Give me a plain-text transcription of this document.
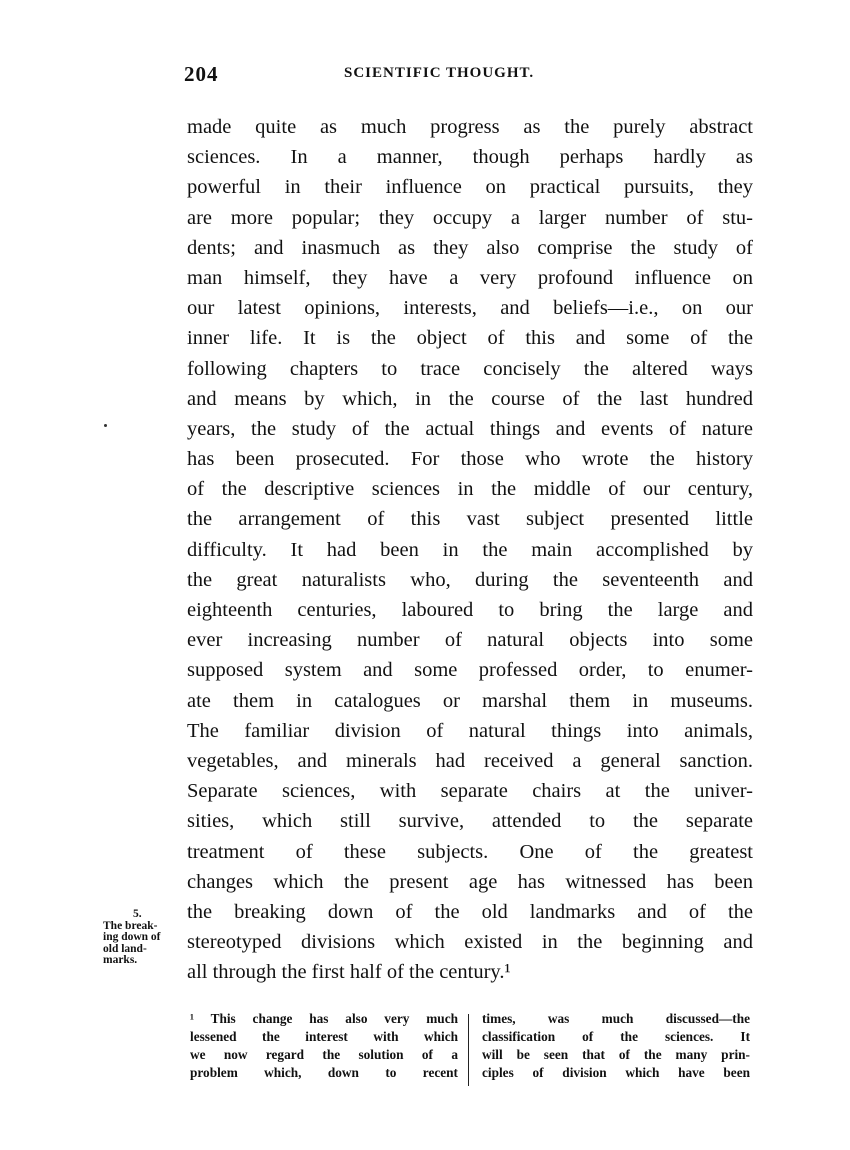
204	SCIENTIFIC THOUGHT.
made quite as much progress as the purely abstract
sciences. In a manner, though perhaps hardly as
powerful in their influence on practical pursuits, they
are more popular; they occupy a larger number of stu-
dents; and inasmuch as they also comprise the study of
man himself, they have a very profound influence on
our latest opinions, interests, and beliefs—i.e., on our
inner life. It is the object of this and some of the
following chapters to trace concisely the altered ways
and means by which, in the course of the last hundred
years, the study of the actual things and events of nature
has been prosecuted. For those who wrote the history
of the descriptive sciences in the middle of our century,
the arrangement of this vast subject presented little
difficulty. It had been in the main accomplished by
the great naturalists who, during the seventeenth and
eighteenth centuries, laboured to bring the large and
ever increasing number of natural objects into some
supposed system and some professed order, to enumer-
ate them in catalogues or marshal them in museums.
The familiar division of natural things into animals,
vegetables, and minerals had received a general sanction.
Separate sciences, with separate chairs at the univer-
sities, which still survive, attended to the separate
treatment of these subjects. One of the greatest
changes which the present age has witnessed has been
the breaking down of the old landmarks and of the
stereotyped divisions which existed in the beginning and
all through the first half of the century.¹
5.
The break-
ing down of
old land-
marks.
¹ This change has also very much
lessened the interest with which
we now regard the solution of a
problem which, down to recent
times, was much discussed—the
classification of the sciences. It
will be seen that of the many prin-
ciples of division which have been
